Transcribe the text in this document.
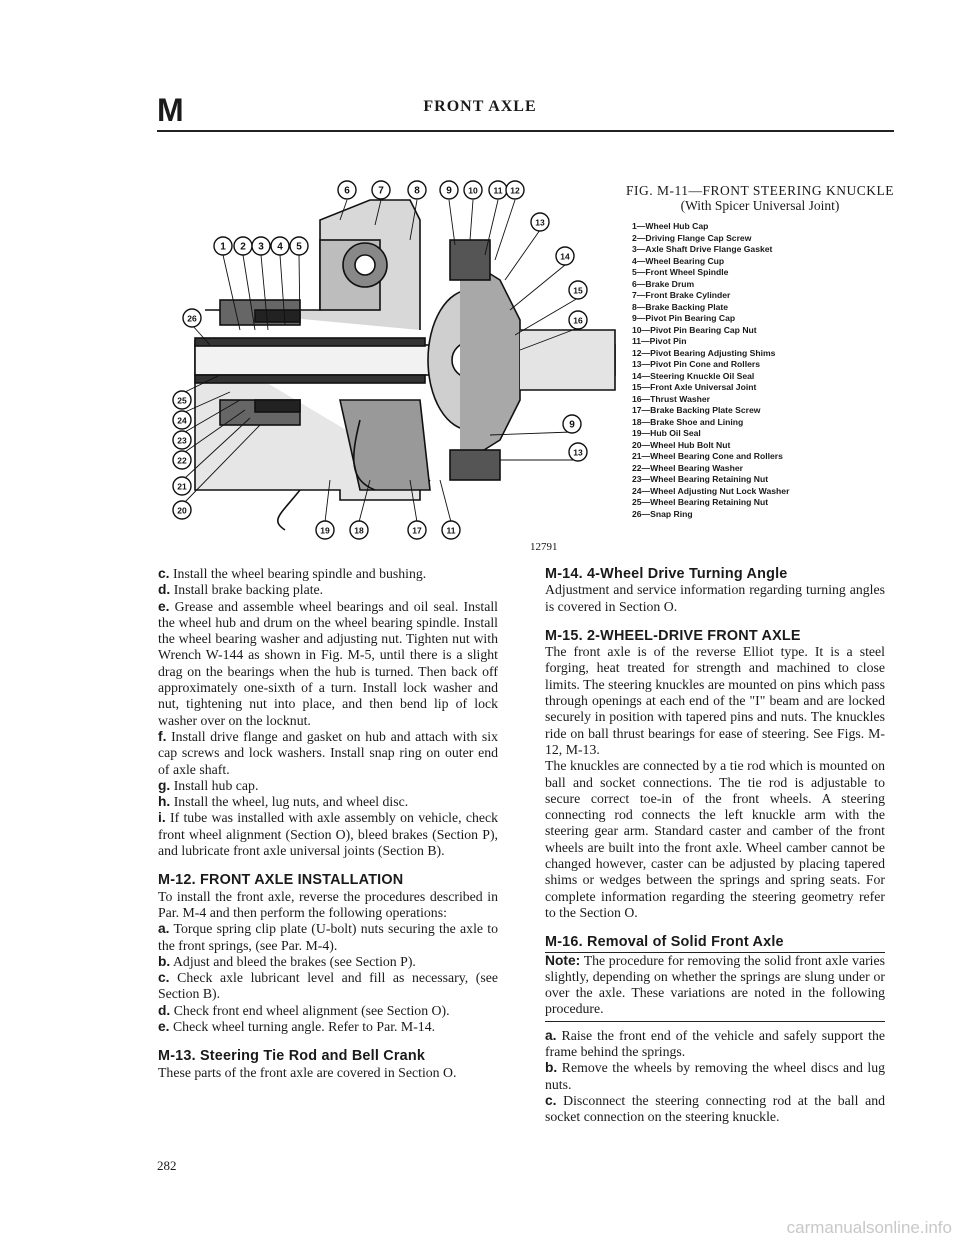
M	FRONT AXLE
1 2 3 4 5
6	7	8	9 10 11 12
13
14
15
16
9
13
17
18
19
20
21
22
23
24
25
26
11
12791
FIG. M-11—FRONT STEERING KNUCKLE
(With Spicer Universal Joint)
1—Wheel Hub Cap
2—Driving Flange Cap Screw
3—Axle Shaft Drive Flange Gasket
4—Wheel Bearing Cup
5—Front Wheel Spindle
6—Brake Drum
7—Front Brake Cylinder
8—Brake Backing Plate
9—Pivot Pin Bearing Cap
10—Pivot Pin Bearing Cap Nut
11—Pivot Pin
12—Pivot Bearing Adjusting Shims
13—Pivot Pin Cone and Rollers
14—Steering Knuckle Oil Seal
15—Front Axle Universal Joint
16—Thrust Washer
17—Brake Backing Plate Screw
18—Brake Shoe and Lining
19—Hub Oil Seal
20—Wheel Hub Bolt Nut
21—Wheel Bearing Cone and Rollers
22—Wheel Bearing Washer
23—Wheel Bearing Retaining Nut
24—Wheel Adjusting Nut Lock Washer
25—Wheel Bearing Retaining Nut
26—Snap Ring

c. Install the wheel bearing spindle and bushing.

d. Install brake backing plate.

e. Grease and assemble wheel bearings and oil seal. Install the wheel hub and drum on the wheel bearing spindle. Install the wheel bearing washer and adjusting nut. Tighten nut with Wrench W-144 as shown in Fig. M-5, until there is a slight drag on the bearings when the hub is turned. Then back off approximately one-sixth of a turn. Install lock washer and nut, tightening nut into place, and then bend lip of lock washer over on the locknut.

f. Install drive flange and gasket on hub and attach with six cap screws and lock washers. Install snap ring on outer end of axle shaft.

g. Install hub cap.

h. Install the wheel, lug nuts, and wheel disc.

i. If tube was installed with axle assembly on vehicle, check front wheel alignment (Section O), bleed brakes (Section P), and lubricate front axle universal joints (Section B).

M-12. FRONT AXLE INSTALLATION

To install the front axle, reverse the procedures described in Par. M-4 and then perform the following operations:

a. Torque spring clip plate (U-bolt) nuts securing the axle to the front springs, (see Par. M-4).

b. Adjust and bleed the brakes (see Section P).

c. Check axle lubricant level and fill as necessary, (see Section B).

d. Check front end wheel alignment (see Section O).

e. Check wheel turning angle. Refer to Par. M-14.

M-13. Steering Tie Rod and Bell Crank

These parts of the front axle are covered in Section O.

M-14. 4-Wheel Drive Turning Angle

Adjustment and service information regarding turning angles is covered in Section O.

M-15. 2-WHEEL-DRIVE FRONT AXLE

The front axle is of the reverse Elliot type. It is a steel forging, heat treated for strength and machined to close limits. The steering knuckles are mounted on pins which pass through openings at each end of the "I" beam and are locked securely in position with tapered pins and nuts. The knuckles ride on ball thrust bearings for ease of steering. See Figs. M-12, M-13.

The knuckles are connected by a tie rod which is mounted on ball and socket connections. The tie rod is adjustable to secure correct toe-in of the front wheels. A steering connecting rod connects the left knuckle arm with the steering gear arm. Standard caster and camber of the front wheels are built into the front axle. Wheel camber cannot be changed however, caster can be adjusted by placing tapered shims or wedges between the springs and spring seats. For complete information regarding the steering geometry refer to the Section O.

M-16. Removal of Solid Front Axle

Note: The procedure for removing the solid front axle varies slightly, depending on whether the springs are slung under or over the axle. These variations are noted in the following procedure.

a. Raise the front end of the vehicle and safely support the frame behind the springs.

b. Remove the wheels by removing the wheel discs and lug nuts.

c. Disconnect the steering connecting rod at the ball and socket connection on the steering knuckle.

282
carmanualsonline.info
